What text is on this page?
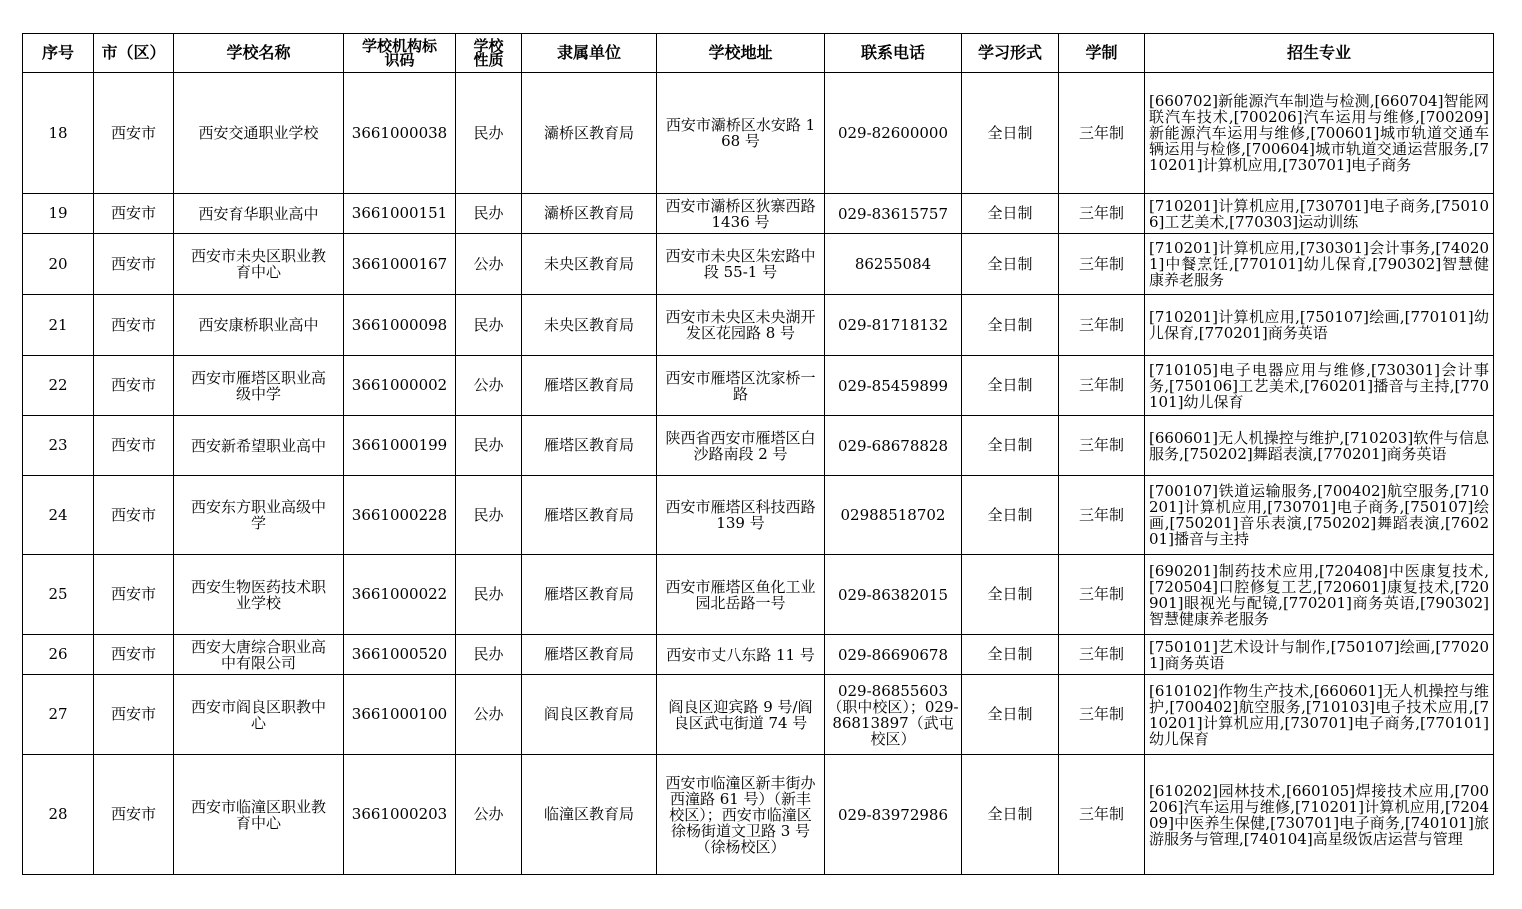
序号	市（区）	学校名称	学校机构标识码	学校性质	隶属单位	学校地址	联系电话	学习形式	学制	招生专业
18	西安市	西安交通职业学校	3661000038	民办	灞桥区教育局	西安市灞桥区水安路 168 号	029-82600000	全日制	三年制	[660702]新能源汽车制造与检测,[660704]智能网联汽车技术,[700206]汽车运用与维修,[700209]新能源汽车运用与维修,[700601]城市轨道交通车辆运用与检修,[700604]城市轨道交通运营服务,[710201]计算机应用,[730701]电子商务
19	西安市	西安育华职业高中	3661000151	民办	灞桥区教育局	西安市灞桥区狄寨西路 1436 号	029-83615757	全日制	三年制	[710201]计算机应用,[730701]电子商务,[750106]工艺美术,[770303]运动训练
20	西安市	西安市未央区职业教育中心	3661000167	公办	未央区教育局	西安市未央区朱宏路中段 55-1 号	86255084	全日制	三年制	[710201]计算机应用,[730301]会计事务,[740201]中餐烹饪,[770101]幼儿保育,[790302]智慧健康养老服务
21	西安市	西安康桥职业高中	3661000098	民办	未央区教育局	西安市未央区未央湖开发区花园路 8 号	029-81718132	全日制	三年制	[710201]计算机应用,[750107]绘画,[770101]幼儿保育,[770201]商务英语
22	西安市	西安市雁塔区职业高级中学	3661000002	公办	雁塔区教育局	西安市雁塔区沈家桥一路	029-85459899	全日制	三年制	[710105]电子电器应用与维修,[730301]会计事务,[750106]工艺美术,[760201]播音与主持,[770101]幼儿保育
23	西安市	西安新希望职业高中	3661000199	民办	雁塔区教育局	陕西省西安市雁塔区白沙路南段 2 号	029-68678828	全日制	三年制	[660601]无人机操控与维护,[710203]软件与信息服务,[750202]舞蹈表演,[770201]商务英语
24	西安市	西安东方职业高级中学	3661000228	民办	雁塔区教育局	西安市雁塔区科技西路 139 号	02988518702	全日制	三年制	[700107]铁道运输服务,[700402]航空服务,[710201]计算机应用,[730701]电子商务,[750107]绘画,[750201]音乐表演,[750202]舞蹈表演,[760201]播音与主持
25	西安市	西安生物医药技术职业学校	3661000022	民办	雁塔区教育局	西安市雁塔区鱼化工业园北岳路一号	029-86382015	全日制	三年制	[690201]制药技术应用,[720408]中医康复技术,[720504]口腔修复工艺,[720601]康复技术,[720901]眼视光与配镜,[770201]商务英语,[790302]智慧健康养老服务
26	西安市	西安大唐综合职业高中有限公司	3661000520	民办	雁塔区教育局	西安市丈八东路 11 号	029-86690678	全日制	三年制	[750101]艺术设计与制作,[750107]绘画,[770201]商务英语
27	西安市	西安市阎良区职教中心	3661000100	公办	阎良区教育局	阎良区迎宾路 9 号/阎良区武屯街道 74 号	029-86855603（职中校区）；029-86813897（武屯校区）	全日制	三年制	[610102]作物生产技术,[660601]无人机操控与维护,[700402]航空服务,[710103]电子技术应用,[710201]计算机应用,[730701]电子商务,[770101]幼儿保育
28	西安市	西安市临潼区职业教育中心	3661000203	公办	临潼区教育局	西安市临潼区新丰街办西潼路 61 号）（新丰校区）；西安市临潼区徐杨街道文卫路 3 号（徐杨校区）	029-83972986	全日制	三年制	[610202]园林技术,[660105]焊接技术应用,[700206]汽车运用与维修,[710201]计算机应用,[720409]中医养生保健,[730701]电子商务,[740101]旅游服务与管理,[740104]高星级饭店运营与管理
